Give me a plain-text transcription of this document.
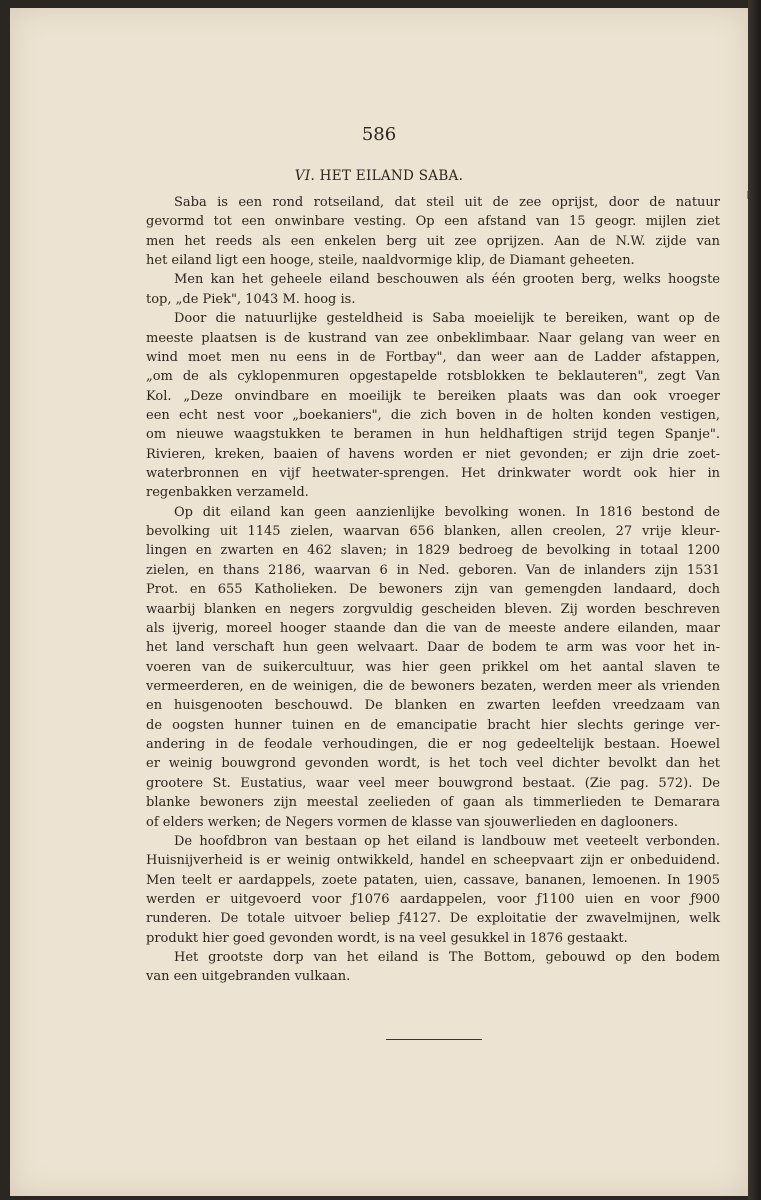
586
VI. HET EILAND SABA.
Saba is een rond rotseiland, dat steil uit de zee oprijst, door de natuur
gevormd tot een onwinbare vesting. Op een afstand van 15 geogr. mijlen ziet
men het reeds als een enkelen berg uit zee oprijzen. Aan de N.W. zijde van
het eiland ligt een hooge, steile, naaldvormige klip, de Diamant geheeten.
Men kan het geheele eiland beschouwen als één grooten berg, welks hoogste
top, „de Piek", 1043 M. hoog is.
Door die natuurlijke gesteldheid is Saba moeielijk te bereiken, want op de
meeste plaatsen is de kustrand van zee onbeklimbaar. Naar gelang van weer en
wind moet men nu eens in de Fortbay", dan weer aan de Ladder afstappen,
„om de als cyklopenmuren opgestapelde rotsblokken te beklauteren", zegt Van
Kol. „Deze onvindbare en moeilijk te bereiken plaats was dan ook vroeger
een echt nest voor „boekaniers", die zich boven in de holten konden vestigen,
om nieuwe waagstukken te beramen in hun heldhaftigen strijd tegen Spanje".
Rivieren, kreken, baaien of havens worden er niet gevonden; er zijn drie zoet-
waterbronnen en vijf heetwater-sprengen. Het drinkwater wordt ook hier in
regenbakken verzameld.
Op dit eiland kan geen aanzienlijke bevolking wonen. In 1816 bestond de
bevolking uit 1145 zielen, waarvan 656 blanken, allen creolen, 27 vrije kleur-
lingen en zwarten en 462 slaven; in 1829 bedroeg de bevolking in totaal 1200
zielen, en thans 2186, waarvan 6 in Ned. geboren. Van de inlanders zijn 1531
Prot. en 655 Katholieken. De bewoners zijn van gemengden landaard, doch
waarbij blanken en negers zorgvuldig gescheiden bleven. Zij worden beschreven
als ijverig, moreel hooger staande dan die van de meeste andere eilanden, maar
het land verschaft hun geen welvaart. Daar de bodem te arm was voor het in-
voeren van de suikercultuur, was hier geen prikkel om het aantal slaven te
vermeerderen, en de weinigen, die de bewoners bezaten, werden meer als vrienden
en huisgenooten beschouwd. De blanken en zwarten leefden vreedzaam van
de oogsten hunner tuinen en de emancipatie bracht hier slechts geringe ver-
andering in de feodale verhoudingen, die er nog gedeeltelijk bestaan. Hoewel
er weinig bouwgrond gevonden wordt, is het toch veel dichter bevolkt dan het
grootere St. Eustatius, waar veel meer bouwgrond bestaat. (Zie pag. 572). De
blanke bewoners zijn meestal zeelieden of gaan als timmerlieden te Demarara
of elders werken; de Negers vormen de klasse van sjouwerlieden en daglooners.
De hoofdbron van bestaan op het eiland is landbouw met veeteelt verbonden.
Huisnijverheid is er weinig ontwikkeld, handel en scheepvaart zijn er onbeduidend.
Men teelt er aardappels, zoete pataten, uien, cassave, bananen, lemoenen. In 1905
werden er uitgevoerd voor ƒ1076 aardappelen, voor ƒ1100 uien en voor ƒ900
runderen. De totale uitvoer beliep ƒ4127. De exploitatie der zwavelmijnen, welk
produkt hier goed gevonden wordt, is na veel gesukkel in 1876 gestaakt.
Het grootste dorp van het eiland is The Bottom, gebouwd op den bodem
van een uitgebranden vulkaan.
